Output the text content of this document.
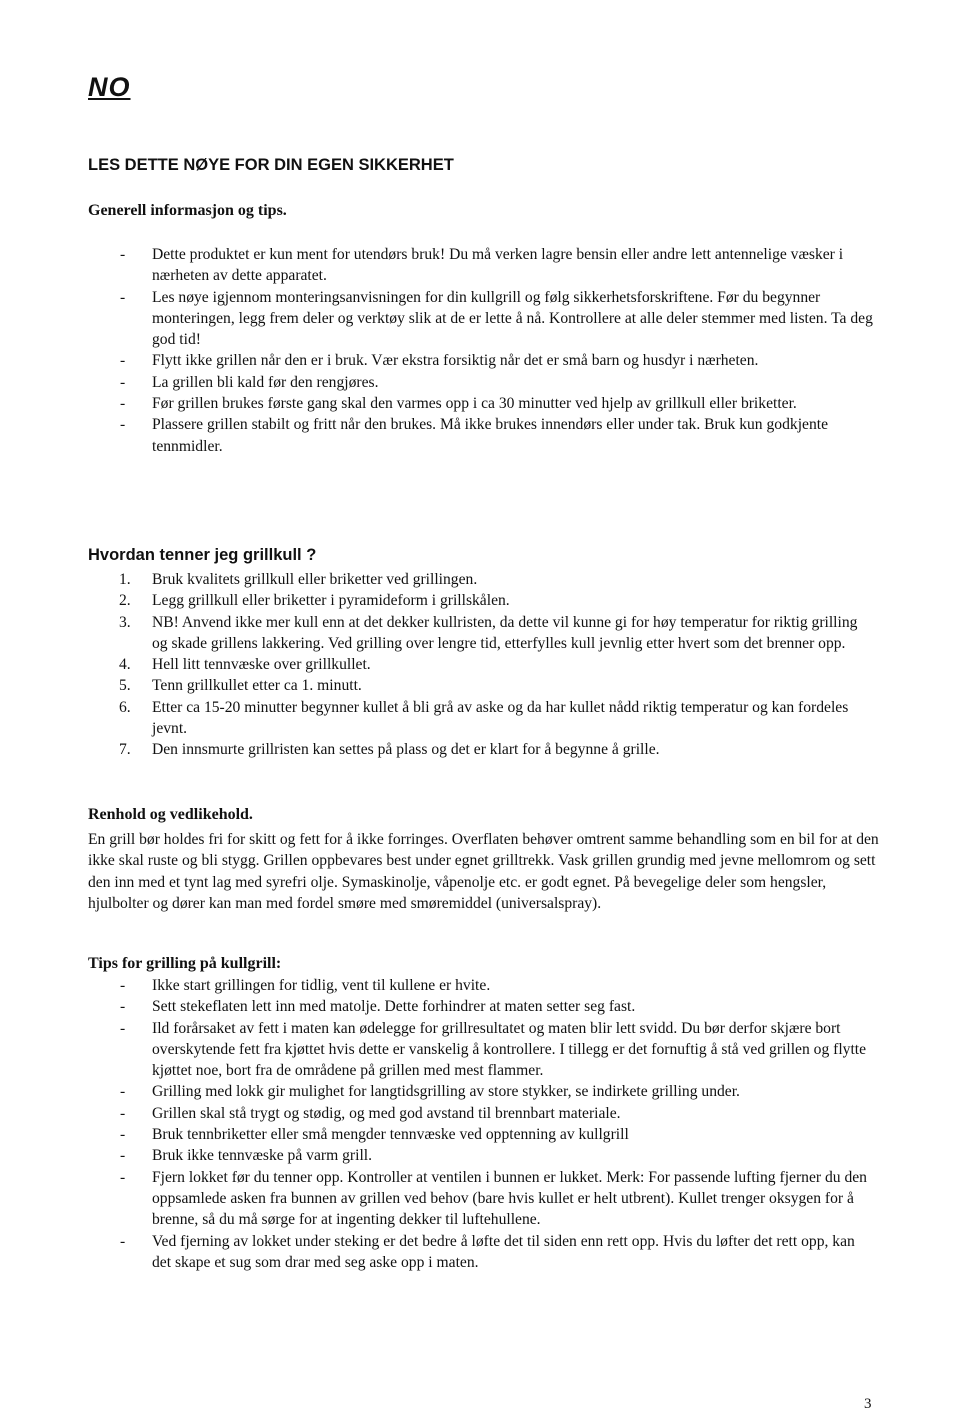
NO
LES DETTE NØYE FOR DIN EGEN SIKKERHET
Generell informasjon og tips.
- Dette produktet er kun ment for utendørs bruk! Du må verken lagre bensin eller andre lett antennelige væsker i nærheten av dette apparatet.
- Les nøye igjennom monteringsanvisningen for din kullgrill og følg sikkerhetsforskriftene. Før du begynner monteringen, legg frem deler og verktøy slik at de er lette å nå. Kontrollere at alle deler stemmer med listen. Ta deg god tid!
- Flytt ikke grillen når den er i bruk. Vær ekstra forsiktig når det er små barn og husdyr i nærheten.
- La grillen bli kald før den rengjøres.
- Før grillen brukes første gang skal den varmes opp i ca 30 minutter ved hjelp av grillkull eller briketter.
- Plassere grillen stabilt og fritt når den brukes. Må ikke brukes innendørs eller under tak. Bruk kun godkjente tennmidler.
Hvordan tenner jeg grillkull ?
1. Bruk kvalitets grillkull eller briketter ved grillingen.
2. Legg grillkull eller briketter i pyramideform i grillskålen.
3. NB! Anvend ikke mer kull enn at det dekker kullristen, da dette vil kunne gi for høy temperatur for riktig grilling og skade grillens lakkering. Ved grilling over lengre tid, etterfylles kull jevnlig etter hvert som det brenner opp.
4. Hell litt tennvæske over grillkullet.
5. Tenn grillkullet etter ca 1. minutt.
6. Etter ca 15-20 minutter begynner kullet å bli grå av aske og da har kullet nådd riktig temperatur og kan fordeles jevnt.
7. Den innsmurte grillristen kan settes på plass og det er klart for å begynne å grille.
Renhold og vedlikehold.

En grill bør holdes fri for skitt og fett for å ikke forringes. Overflaten behøver omtrent samme behandling som en bil for at den ikke skal ruste og bli stygg. Grillen oppbevares best under egnet grilltrekk. Vask grillen grundig med jevne mellomrom og sett den inn med et tynt lag med syrefri olje. Symaskinolje, våpenolje etc. er godt egnet. På bevegelige deler som hengsler, hjulbolter og dører kan man med fordel smøre med smøremiddel (universalspray).

Tips for grilling på kullgrill:
- Ikke start grillingen for tidlig, vent til kullene er hvite.
- Sett stekeflaten lett inn med matolje. Dette forhindrer at maten setter seg fast.
- Ild forårsaket av fett i maten kan ødelegge for grillresultatet og maten blir lett svidd. Du bør derfor skjære bort overskytende fett fra kjøttet hvis dette er vanskelig å kontrollere. I tillegg er det fornuftig å stå ved grillen og flytte kjøttet noe, bort fra de områdene på grillen med mest flammer.
- Grilling med lokk gir mulighet for langtidsgrilling av store stykker, se indirkete grilling under.
- Grillen skal stå trygt og stødig, og med god avstand til brennbart materiale.
- Bruk tennbriketter eller små mengder tennvæske ved opptenning av kullgrill
- Bruk ikke tennvæske på varm grill.
- Fjern lokket før du tenner opp. Kontroller at ventilen i bunnen er lukket. Merk: For passende lufting fjerner du den oppsamlede asken fra bunnen av grillen ved behov (bare hvis kullet er helt utbrent). Kullet trenger oksygen for å brenne, så du må sørge for at ingenting dekker til luftehullene.
- Ved fjerning av lokket under steking er det bedre å løfte det til siden enn rett opp. Hvis du løfter det rett opp, kan det skape et sug som drar med seg aske opp i maten.
3
